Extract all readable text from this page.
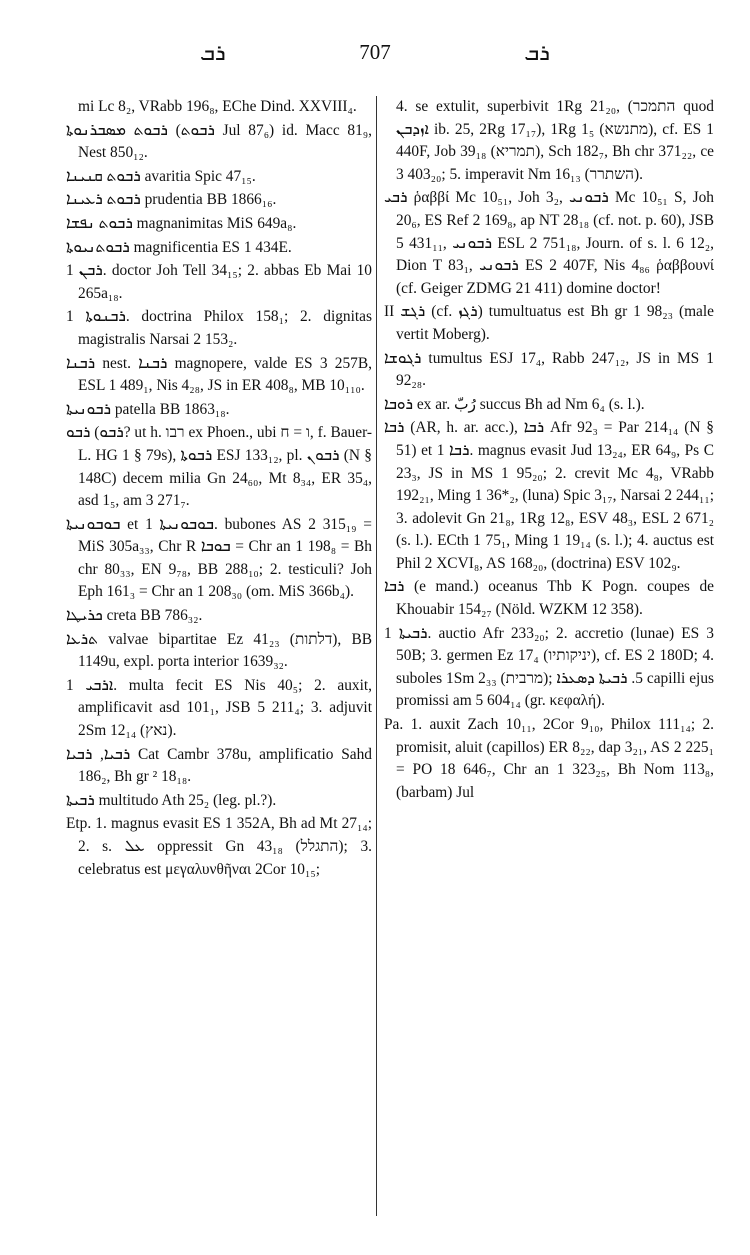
ܪܒ	707	ܪܒ
mi Lc 8₂, VRabb 196₈, EChe Dind. XXVIII₄.
ܪܒܘܬ ܡܣܒܪܢܘܬܐ (ܪܒܘܬ Jul 87₆) id. Macc 81₉, Nest 850₁₂.
ܪܒܘܬ ܩܢܝܢܐ avaritia Spic 47₁₅.
ܪܒܘܬ ܪܥܝܢܐ prudentia BB 1866₁₆.
ܪܒܘܬ ܢܦܫܐ magnanimitas MiS 649a₈.
ܪܒܘܬܢܝܘܬܐ magnificentia ES 1 434E.
ܪܒܢ 1. doctor Joh Tell 34₁₅; 2. abbas Eb Mai 10 265a₁₈.
ܪܒܢܘܬܐ 1. doctrina Philox 158₁; 2. dignitas magistralis Narsai 2 153₂.
ܪܒܢܐ nest. ܪܒܢܐ magnopere, valde ES 3 257B, ESL 1 489₁, Nis 4₂₈, JS in ER 408₈, MB 10₁₁₀.
ܪܒܘܢܝܬܐ patella BB 1863₁₈.
ܪܒܘ (ܪܒܘ? ut h. רבו ex Phoen., ubi ו = ח, f. Bauer-L. HG 1 § 79s), ܪܒܘܬܐ ESJ 133₁₂, pl. ܪܒܘܢ (N § 148C) decem milia Gn 24₆₀, Mt 8₃₄, ER 35₄, asd 1₅, am 3 271₇.
ܒܘܒܘܢܝܬܐ et ܒܘܒܘܢܝܬܐ 1. bubones AS 2 315₁₉ = MiS 305a₃₃, Chr R ܒܘܒܐ = Chr an 1 198₈ = Bh chr 80₃₃, EN 9₇₈, BB 288₁₀; 2. testiculi? Joh Eph 161₃ = Chr an 1 208₃₀ (om. MiS 366b₄).
ܟܪܝܛܐ creta BB 786₃₂.
ܬܪܥܐ valvae bipartitae Ez 41₂₃ (דלתות), BB 1149u, expl. porta interior 1639₃₂.
ܐܪܒܝ 1. multa fecit ES Nis 40₅; 2. auxit, amplificavit asd 101₁, JSB 5 211₄; 3. adjuvit 2Sm 12₁₄ (נאץ).
ܪܒܝܐ, ܪܒܝܐ Cat Cambr 378u, amplificatio Sahd 186₂, Bh gr ² 18₁₈.
ܪܒܝܬܐ multitudo Ath 25₂ (leg. pl.?).
Etp. 1. magnus evasit ES 1 352A, Bh ad Mt 27₁₄; 2. s. ܥܠ oppressit Gn 43₁₈ (התגלל); 3. celebratus est μεγαλυνθῆναι 2Cor 10₁₅;
4. se extulit, superbivit 1Rg 21₂₀, (התמכר quod ܐܙܕܒܢ ib. 25, 2Rg 17₁₇), 1Rg 1₅ (מתנשא), cf. ES 1 440F, Job 39₁₈ (תמריא), Sch 182₇, Bh chr 371₂₂, ce 3 403₂₀; 5. imperavit Nm 16₁₃ (השתרר).
ܪܒܝ ῥαββί Mc 10₅₁, Joh 3₂, ܪܒܘܢܝ Mc 10₅₁ S, Joh 20₆, ES Ref 2 169₈, ap NT 28₁₈ (cf. not. p. 60), JSB 5 431₁₁, ܪܒܘܢܝ ESL 2 751₁₈, Journ. of s. l. 6 12₂, Dion T 83₁, ܪܒܘܢܝ ES 2 407F, Nis 4₈₆ ῥαββουνί (cf. Geiger ZDMG 21 411) domine doctor!
II ܪܓܫ (cf. ܪܓܙ) tumultuatus est Bh gr 1 98₂₃ (male vertit Moberg).
ܪܓܘܫܐ tumultus ESJ 17₄, Rabb 247₁₂, JS in MS 1 92₂₈.
ܪܘܒܐ ex ar. رُبّ succus Bh ad Nm 6₄ (s. l.).
ܪܒܐ (AR, h. ar. acc.), ܪܒܐ Afr 92₃ = Par 214₁₄ (N § 51) et ܪܒܐ 1. magnus evasit Jud 13₂₄, ER 64₉, Ps C 23₃, JS in MS 1 95₂₀; 2. crevit Mc 4₈, VRabb 192₂₁, Ming 1 36*₂, (luna) Spic 3₁₇, Narsai 2 244₁₁; 3. adolevit Gn 21₈, 1Rg 12₈, ESV 48₃, ESL 2 671₂ (s. l.). ECth 1 75₁, Ming 1 19₁₄ (s. l.); 4. auctus est Phil 2 XCVI₈, AS 168₂₀, (doctrina) ESV 102₉.
ܪܒܐ (e mand.) oceanus Thb K Pogn. coupes de Khouabir 154₂₇ (Nöld. WZKM 12 358).
ܪܒܝܬܐ 1. auctio Afr 233₂₀; 2. accretio (lunae) ES 3 50B; 3. germen Ez 17₄ (יניקותיו), cf. ES 2 180D; 4. suboles 1Sm 2₃₃ (מרבית); 5. ܪܒܝܬܐ ܕܣܥܪܐ capilli ejus promissi am 5 604₁₄ (gr. κεφαλή).
Pa. 1. auxit Zach 10₁₁, 2Cor 9₁₀, Philox 111₁₄; 2. promisit, aluit (capillos) ER 8₂₂, dap 3₂₁, AS 2 225₁ = PO 18 646₇, Chr an 1 323₂₅, Bh Nom 113₈, (barbam) Jul
